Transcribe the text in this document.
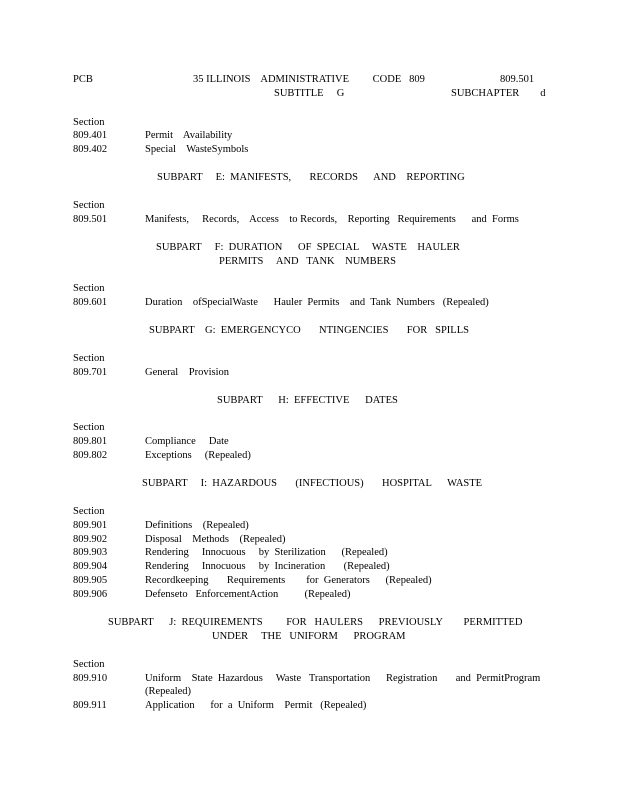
PCB	35 ILLINOIS    ADMINISTRATIVE         CODE   809	809.501
SUBTITLE     G	SUBCHAPTER        d
Section
809.401	Permit    Availability
809.402	Special    WasteSymbols
SUBPART     E:  MANIFESTS,       RECORDS      AND    REPORTING
Section
809.501	Manifests,     Records,    Access    to Records,    Reporting   Requirements      and  Forms
SUBPART     F:  DURATION      OF  SPECIAL     WASTE    HAULER
PERMITS     AND   TANK    NUMBERS
Section
809.601	Duration    ofSpecialWaste      Hauler  Permits    and  Tank  Numbers   (Repealed)
SUBPART    G:  EMERGENCYCO       NTINGENCIES       FOR   SPILLS
Section
809.701	General    Provision
SUBPART      H:  EFFECTIVE      DATES
Section
809.801	Compliance     Date
809.802	Exceptions     (Repealed)
SUBPART     I:  HAZARDOUS       (INFECTIOUS)       HOSPITAL      WASTE
Section
809.901	Definitions    (Repealed)
809.902	Disposal    Methods    (Repealed)
809.903	Rendering     Innocuous     by  Sterilization      (Repealed)
809.904	Rendering     Innocuous     by  Incineration       (Repealed)
809.905	Recordkeeping       Requirements        for  Generators      (Repealed)
809.906	Defenseto   EnforcementAction          (Repealed)
SUBPART      J:  REQUIREMENTS         FOR   HAULERS      PREVIOUSLY        PERMITTED
UNDER     THE   UNIFORM      PROGRAM
Section
809.910	Uniform    State  Hazardous     Waste   Transportation      Registration       and  PermitProgram
(Repealed)
809.911	Application      for  a  Uniform    Permit   (Repealed)
